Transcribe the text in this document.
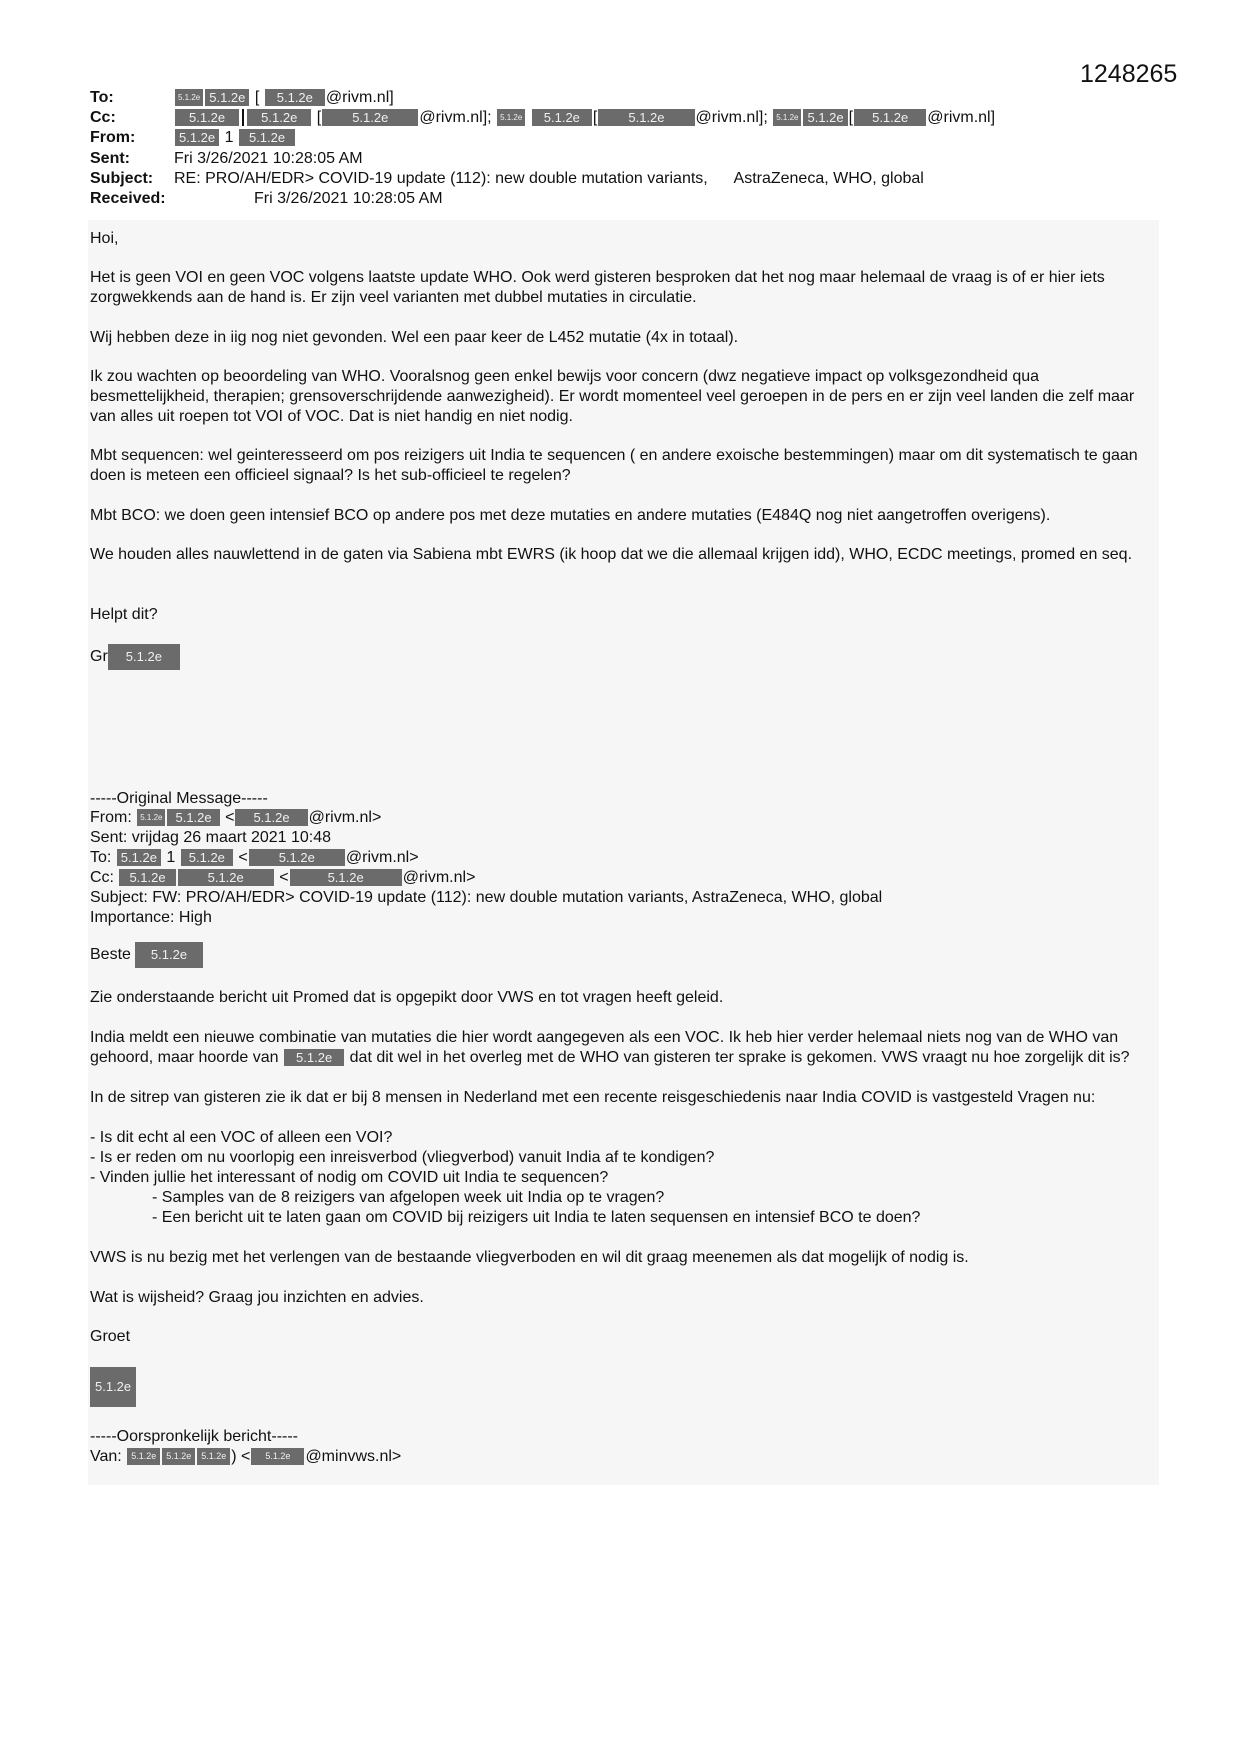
1248265
To:	5.1.2e 5.1.2e [ 5.1.2e @rivm.nl]
Cc:	5.1.2e	5.1.2e [ 5.1.2e @rivm.nl]; 5.1.2e 5.1.2e [ 5.1.2e @rivm.nl]; 5.1.2e 5.1.2e [ 5.1.2e @rivm.nl]
From:	5.1.2e 1 5.1.2e
Sent:	Fri 3/26/2021 10:28:05 AM
Subject: RE: PRO/AH/EDR> COVID-19 update (112): new double mutation variants,      AstraZeneca, WHO, global
Received:	Fri 3/26/2021 10:28:05 AM
Hoi,
Het is geen VOI en geen VOC volgens laatste update WHO. Ook werd gisteren besproken dat het nog maar helemaal de vraag is of er hier iets zorgwekkends aan de hand is. Er zijn veel varianten met dubbel mutaties in circulatie.
Wij hebben deze in iig nog niet gevonden. Wel een paar keer de L452 mutatie (4x in totaal).
Ik zou wachten op beoordeling van WHO. Vooralsnog geen enkel bewijs voor concern (dwz negatieve impact op volksgezondheid qua besmettelijkheid, therapien; grensoverschrijdende aanwezigheid). Er wordt momenteel veel geroepen in de pers en er zijn veel landen die zelf maar van alles uit roepen tot VOI of VOC. Dat is niet handig en niet nodig.
Mbt sequencen: wel geinteresseerd om pos reizigers uit India te sequencen ( en andere exoische bestemmingen) maar om dit systematisch te gaan doen is meteen een officieel signaal? Is het sub-officieel te regelen?
Mbt BCO: we doen geen intensief BCO op andere pos met deze mutaties en andere mutaties (E484Q nog niet aangetroffen overigens).
We houden alles nauwlettend in de gaten via Sabiena mbt EWRS (ik hoop dat we die allemaal krijgen idd), WHO, ECDC meetings, promed en seq.
Helpt dit?
Gr 5.1.2e
-----Original Message-----
From: 5.1.2e 5.1.2e < 5.1.2e @rivm.nl>
Sent: vrijdag 26 maart 2021 10:48
To: 5.1.2e 1 5.1.2e < 5.1.2e @rivm.nl>
Cc: 5.1.2e	5.1.2e <	5.1.2e @rivm.nl>
Subject: FW: PRO/AH/EDR> COVID-19 update (112): new double mutation variants, AstraZeneca, WHO, global
Importance: High
Beste 5.1.2e
Zie onderstaande bericht uit Promed dat is opgepikt door VWS en tot vragen heeft geleid.
India meldt een nieuwe combinatie van mutaties die hier wordt aangegeven als een VOC. Ik heb hier verder helemaal niets nog van de WHO van gehoord, maar hoorde van 5.1.2e dat dit wel in het overleg met de WHO van gisteren ter sprake is gekomen. VWS vraagt nu hoe zorgelijk dit is?
In de sitrep van gisteren zie ik dat er bij 8 mensen in Nederland met een recente reisgeschiedenis naar India COVID is vastgesteld Vragen nu:
- Is dit echt al een VOC of alleen een VOI?
- Is er reden om nu voorlopig een inreisverbod (vliegverbod) vanuit India af te kondigen?
- Vinden jullie het interessant of nodig om COVID uit India te sequencen?
- Samples van de 8 reizigers van afgelopen week uit India op te vragen?
- Een bericht uit te laten gaan om COVID bij reizigers uit India te laten sequensen en intensief BCO te doen?
VWS is nu bezig met het verlengen van de bestaande vliegverboden en wil dit graag meenemen als dat mogelijk of nodig is.
Wat is wijsheid? Graag jou inzichten en advies.
Groet
5.1.2e
-----Oorspronkelijk bericht-----
Van: 5.1.2e 5.1.2e 5.1.2e ) < 5.1.2e @minvws.nl>
